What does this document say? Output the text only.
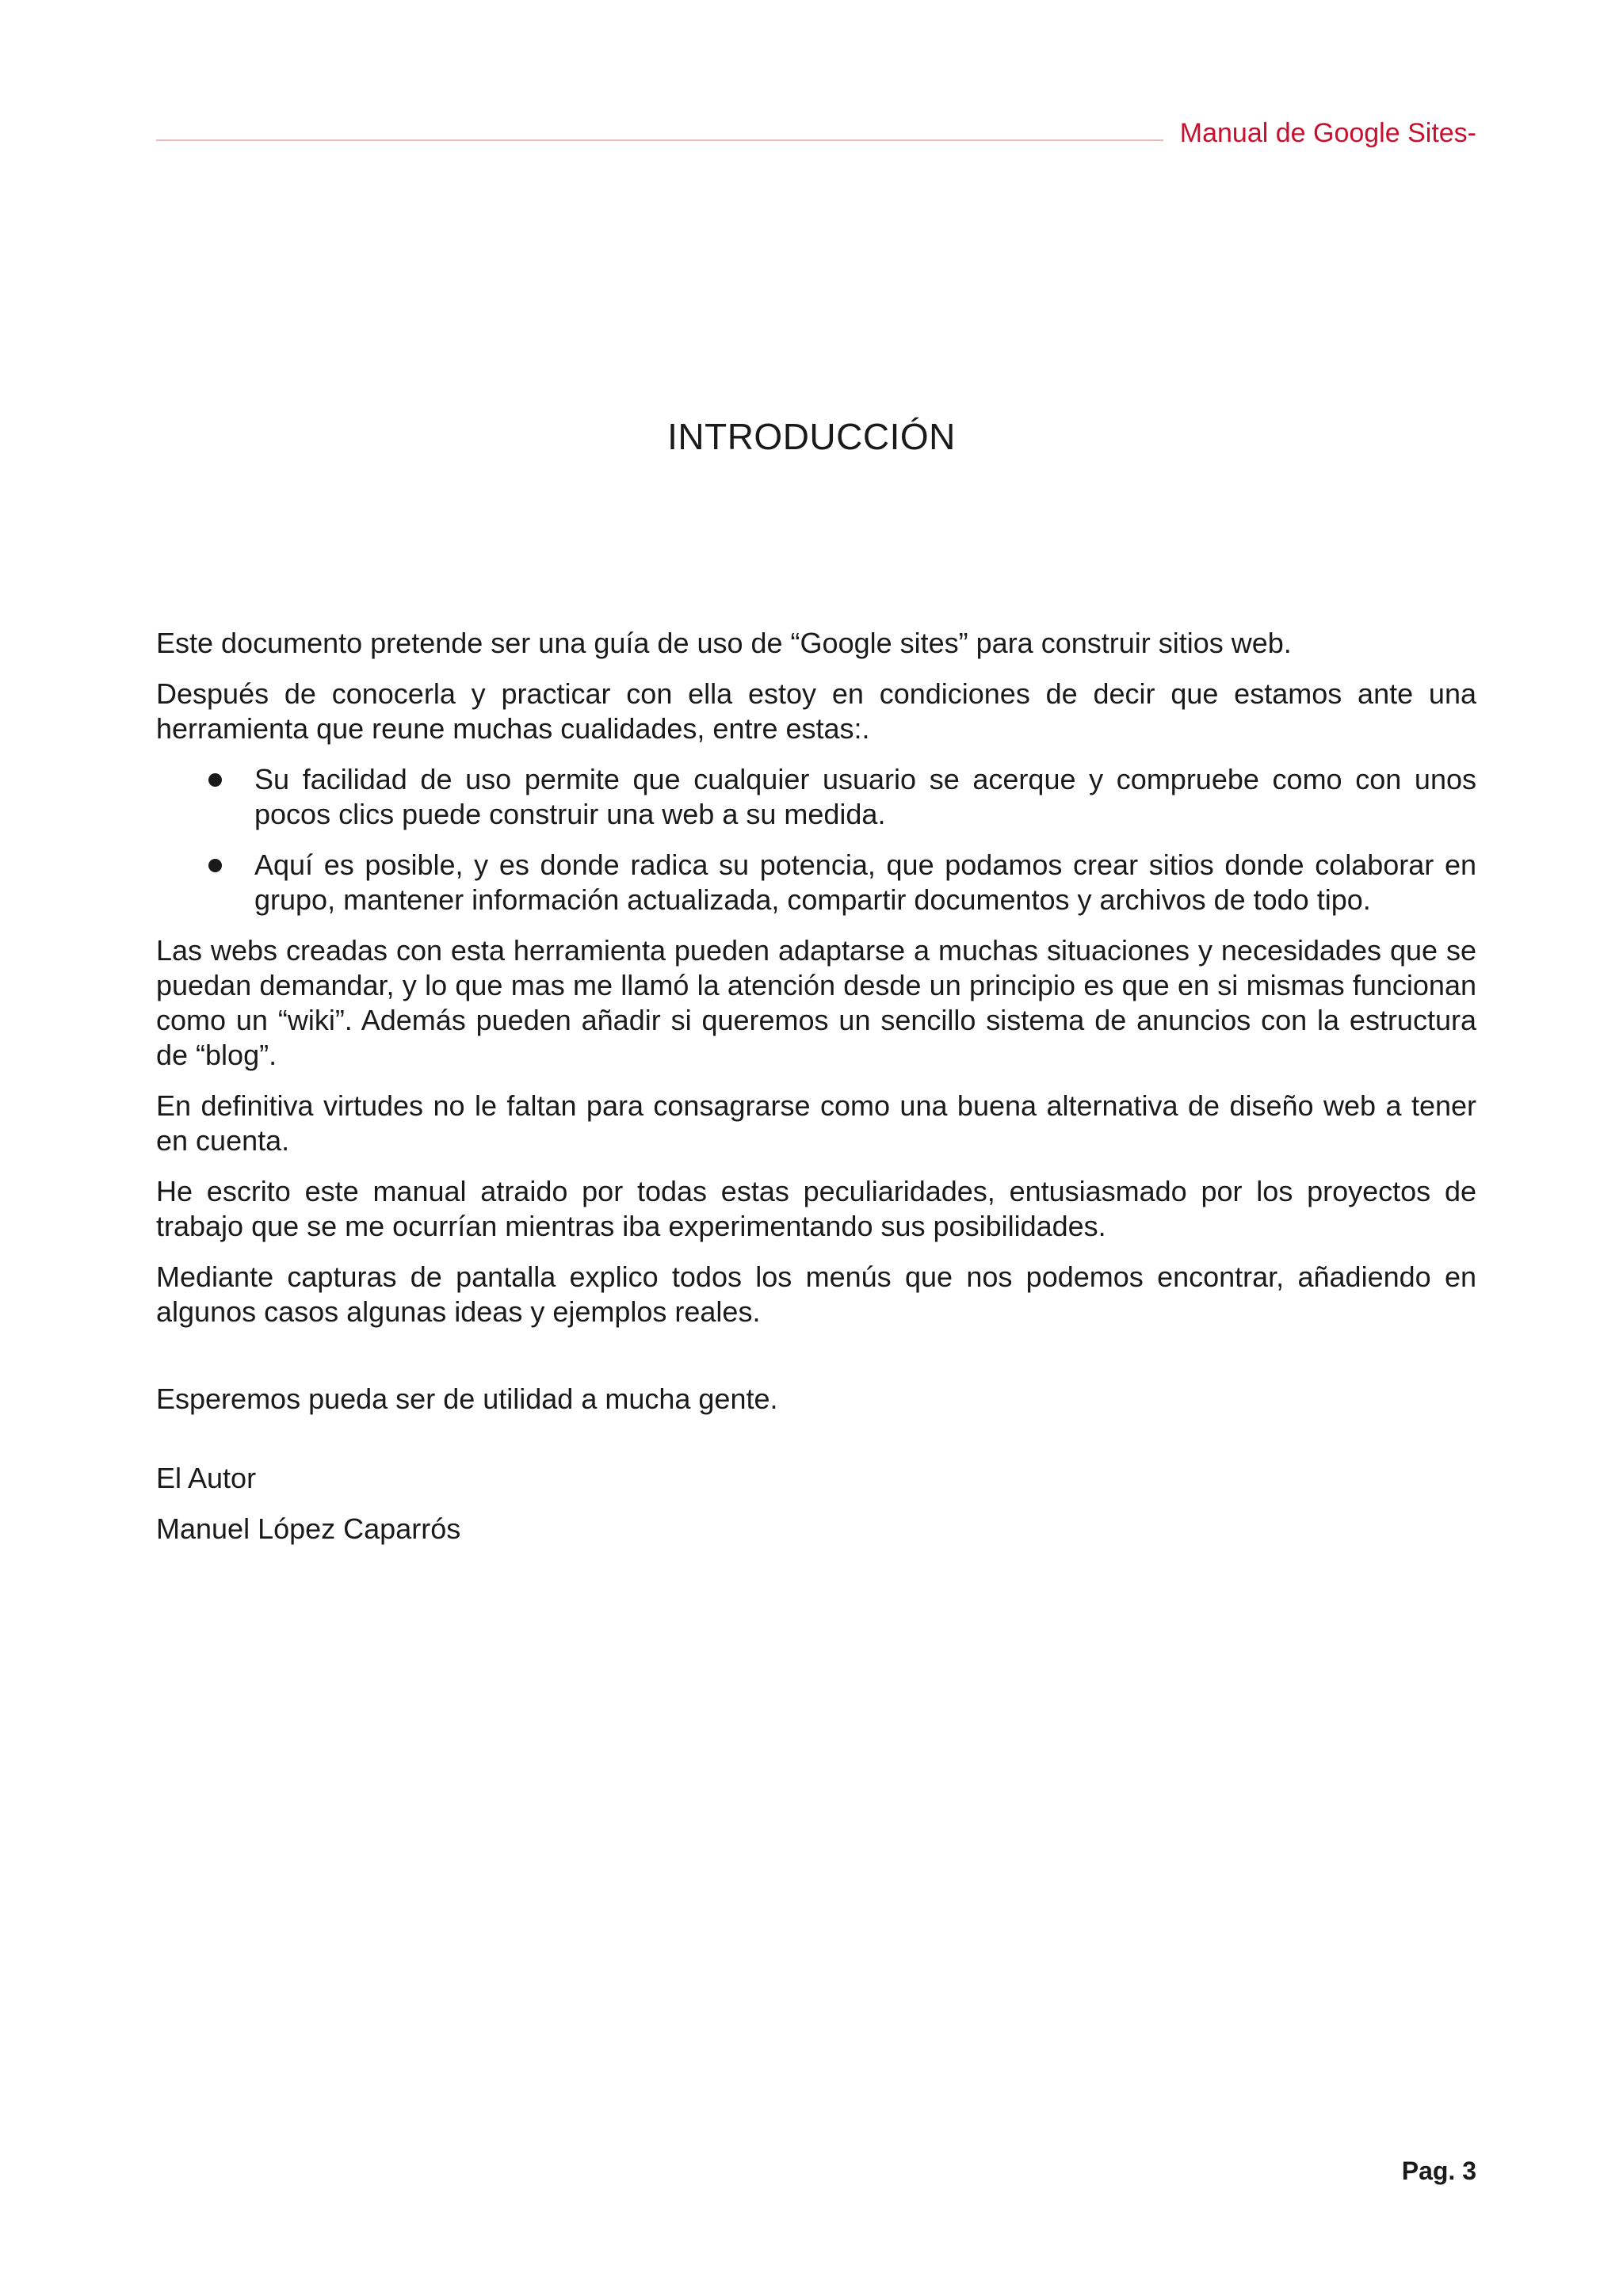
Manual de Google Sites-
INTRODUCCIÓN

Este documento pretende ser una guía de uso de “Google sites” para construir sitios web.

Después de conocerla y practicar con ella estoy en condiciones de decir que estamos ante una herramienta que reune muchas cualidades, entre estas:.

Su facilidad de uso permite que cualquier usuario se acerque y compruebe como con unos pocos clics puede construir una web a su medida.
Aquí es posible, y es donde radica su potencia, que podamos crear sitios donde colaborar en grupo, mantener información actualizada, compartir documentos y archivos de todo tipo.

Las webs creadas con esta herramienta pueden adaptarse a muchas situaciones y necesidades que se puedan demandar, y lo que mas me llamó la atención desde un principio es que en si mismas funcionan como un “wiki”. Además pueden añadir si queremos un sencillo sistema de anuncios con la estructura de “blog”.

En definitiva virtudes no le faltan para consagrarse como una buena alternativa de diseño web a tener en cuenta.

He escrito este manual atraido por todas estas peculiaridades, entusiasmado por los proyectos de trabajo que se me ocurrían mientras iba experimentando sus posibilidades.

Mediante capturas de pantalla explico todos los menús que nos podemos encontrar, añadiendo en algunos casos algunas ideas y ejemplos reales.

Esperemos pueda ser de utilidad a mucha gente.

El Autor

Manuel López Caparrós

Pag. 3
